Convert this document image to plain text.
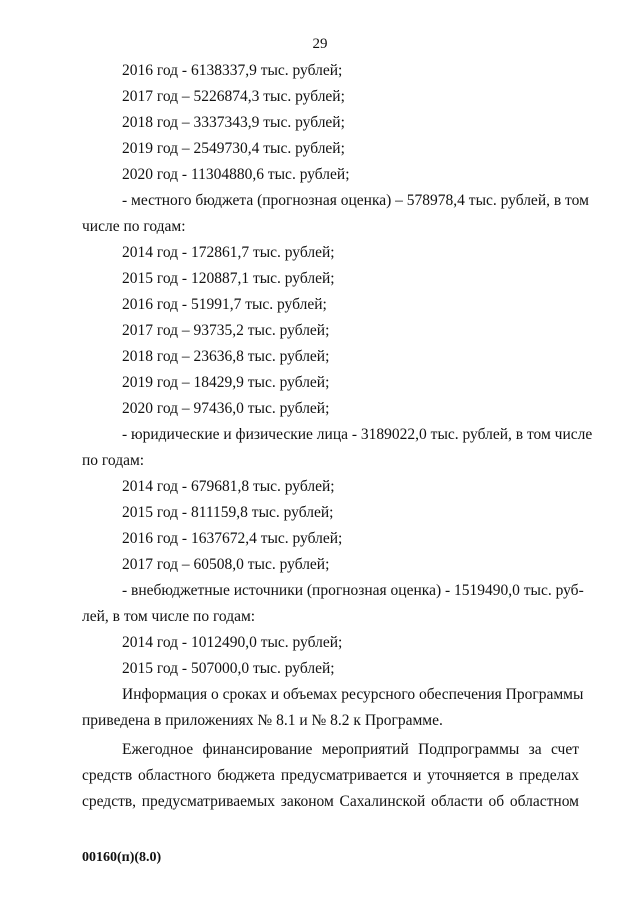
29
2016 год - 6138337,9 тыс. рублей;
2017 год – 5226874,3 тыс. рублей;
2018 год – 3337343,9 тыс. рублей;
2019 год – 2549730,4 тыс. рублей;
2020 год - 11304880,6 тыс. рублей;
- местного бюджета (прогнозная оценка) – 578978,4 тыс. рублей, в том
числе по годам:
2014 год - 172861,7 тыс. рублей;
2015 год - 120887,1 тыс. рублей;
2016 год - 51991,7 тыс. рублей;
2017 год – 93735,2 тыс. рублей;
2018 год – 23636,8 тыс. рублей;
2019 год – 18429,9 тыс. рублей;
2020 год – 97436,0 тыс. рублей;
- юридические и физические лица - 3189022,0 тыс. рублей, в том числе
по годам:
2014 год - 679681,8 тыс. рублей;
2015 год - 811159,8 тыс. рублей;
2016 год - 1637672,4 тыс. рублей;
2017 год – 60508,0 тыс. рублей;
- внебюджетные источники (прогнозная оценка) - 1519490,0 тыс. руб-
лей, в том числе по годам:
2014 год - 1012490,0 тыс. рублей;
2015 год - 507000,0 тыс. рублей;
Информация о сроках и объемах ресурсного обеспечения Программы
приведена в приложениях № 8.1 и № 8.2 к Программе.
Ежегодное финансирование мероприятий Подпрограммы за счет
средств областного бюджета предусматривается и уточняется в пределах
средств, предусматриваемых законом Сахалинской области об областном
00160(п)(8.0)
